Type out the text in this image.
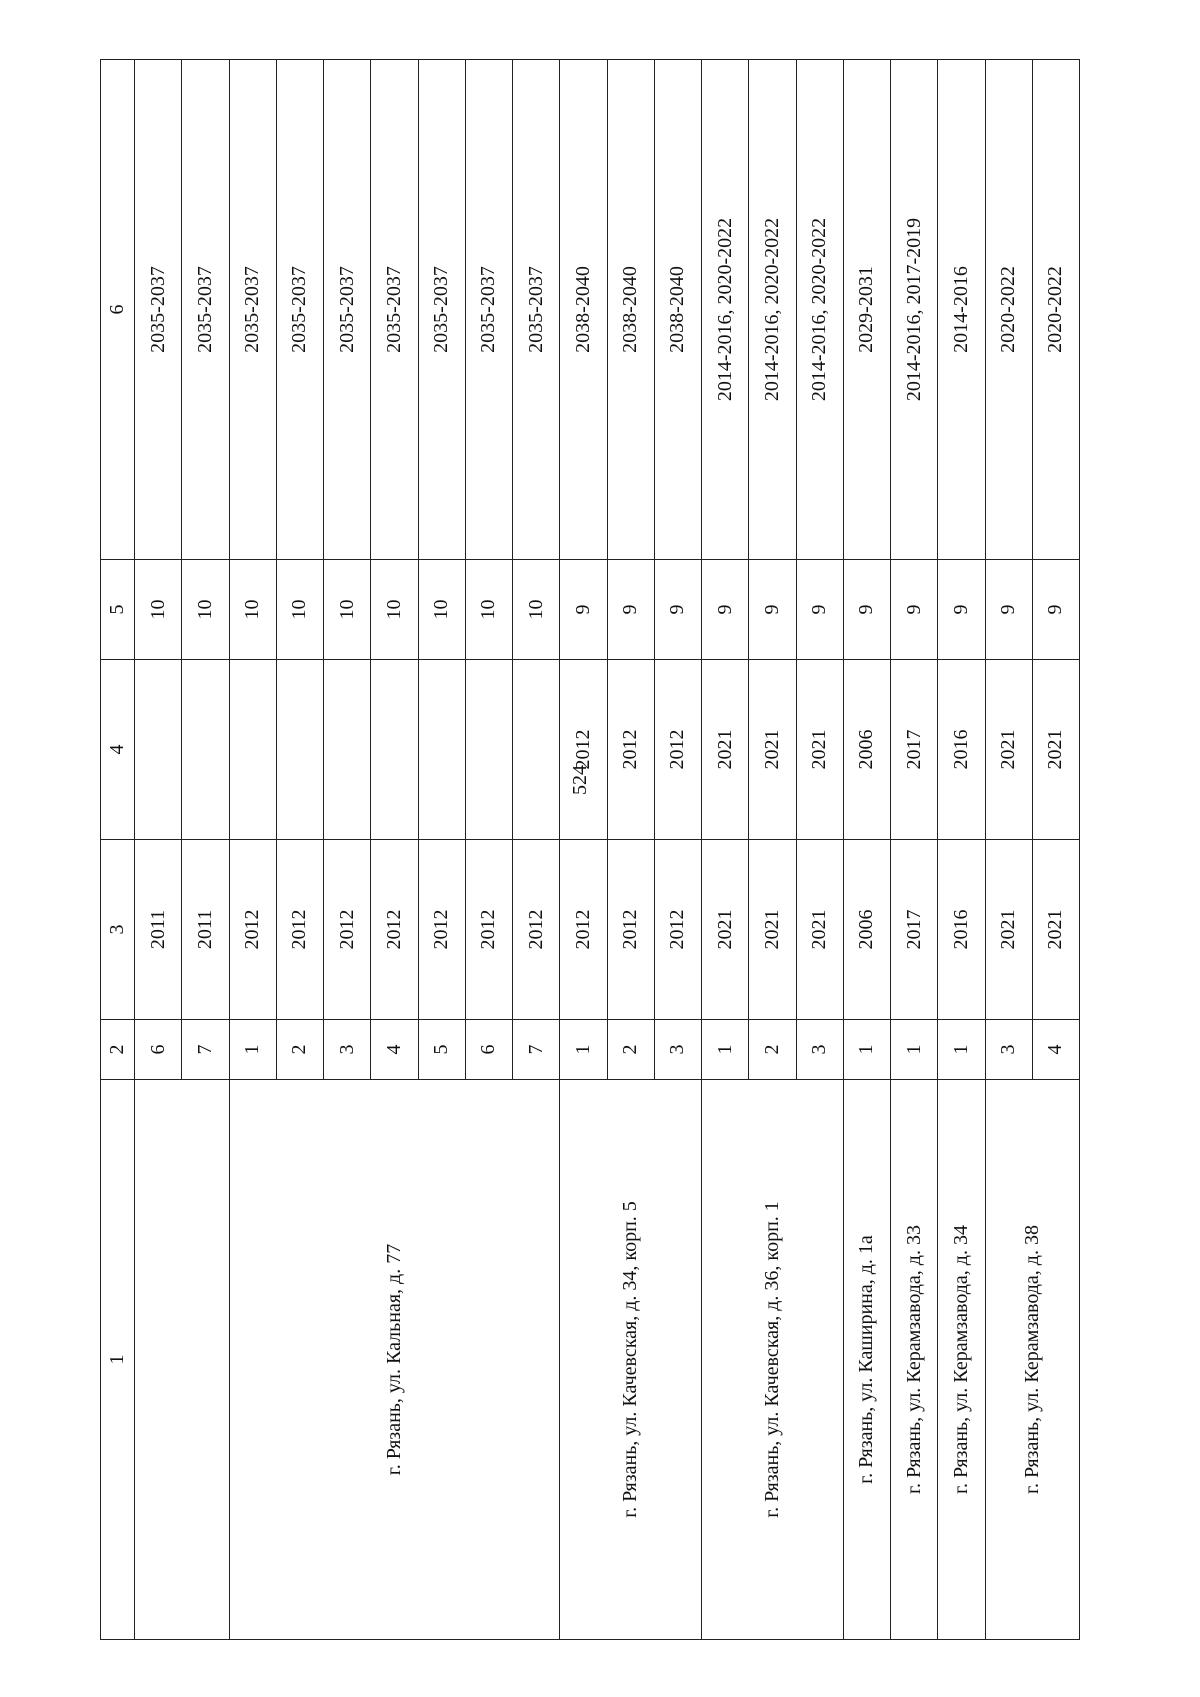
524
1	2	3	4	5	6
	6	2011		10	2035-2037
	7	2011		10	2035-2037
г. Рязань, ул. Кальная, д. 77	1	2012		10	2035-2037
	2	2012		10	2035-2037
	3	2012		10	2035-2037
	4	2012		10	2035-2037
	5	2012		10	2035-2037
	6	2012		10	2035-2037
	7	2012		10	2035-2037
г. Рязань, ул. Качевская, д. 34, корп. 5	1	2012	2012	9	2038-2040
	2	2012	2012	9	2038-2040
	3	2012	2012	9	2038-2040
г. Рязань, ул. Качевская, д. 36, корп. 1	1	2021	2021	9	2014-2016, 2020-2022
	2	2021	2021	9	2014-2016, 2020-2022
	3	2021	2021	9	2014-2016, 2020-2022
г. Рязань, ул. Каширина, д. 1а	1	2006	2006	9	2029-2031
г. Рязань, ул. Керамзавода, д. 33	1	2017	2017	9	2014-2016, 2017-2019
г. Рязань, ул. Керамзавода, д. 34	1	2016	2016	9	2014-2016
г. Рязань, ул. Керамзавода, д. 38	3	2021	2021	9	2020-2022
	4	2021	2021	9	2020-2022
